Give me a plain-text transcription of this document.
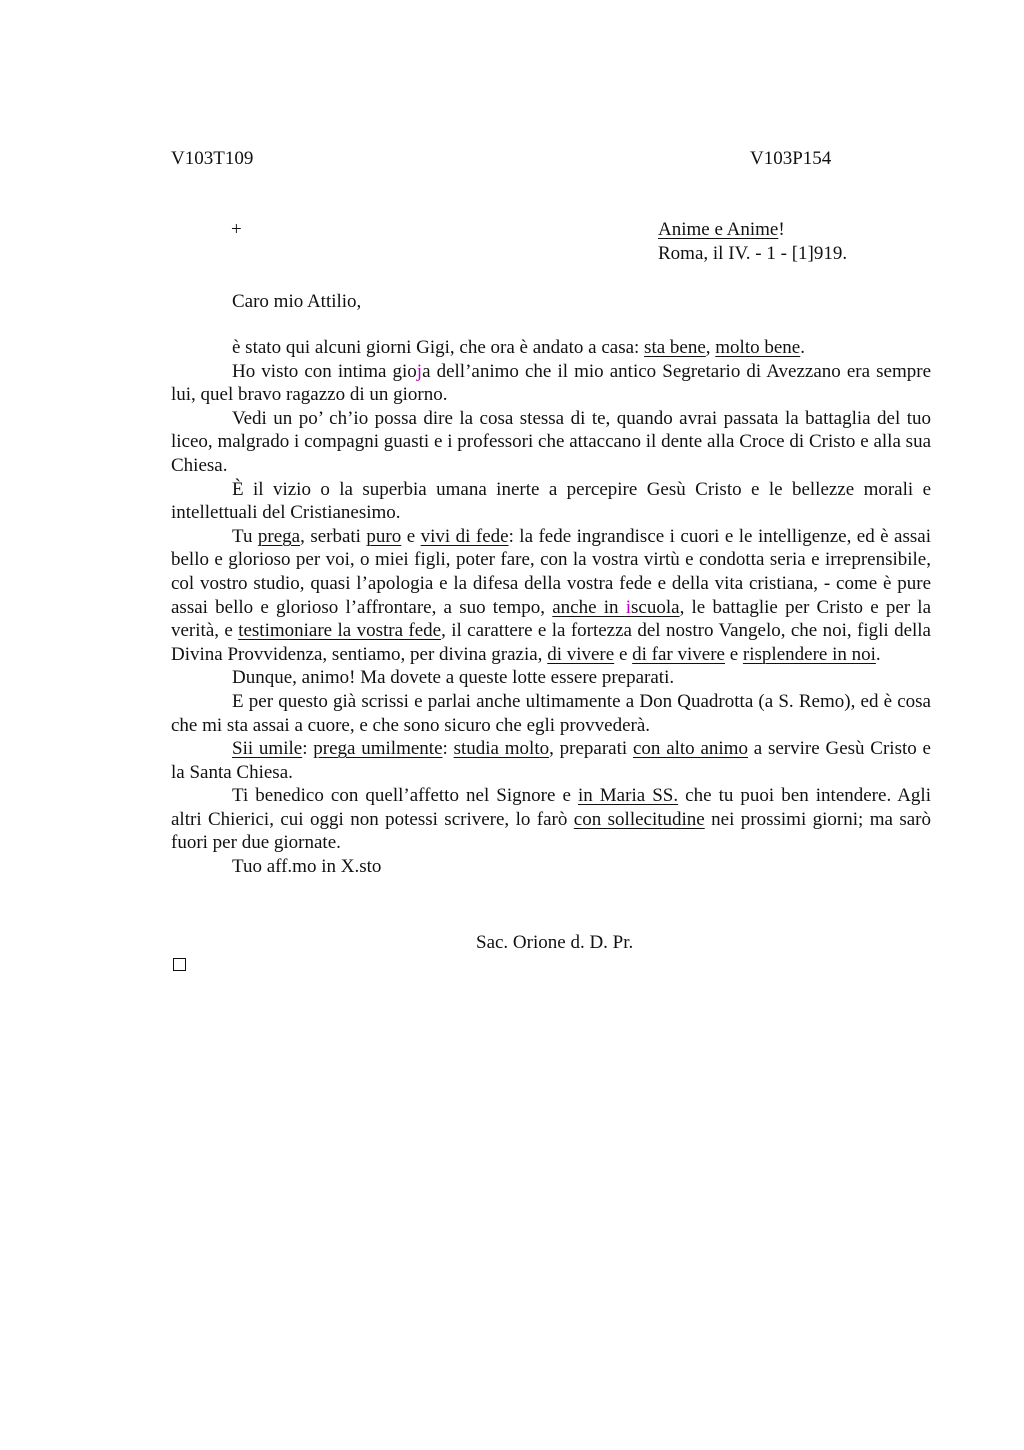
V103T109	V103P154
+	Anime e Anime!
Roma, il IV. - 1 - [1]919.
Caro mio Attilio,

è stato qui alcuni giorni Gigi, che ora è andato a casa: sta bene, molto bene.

Ho visto con intima gioja dell’animo che il mio antico Segretario di Avezzano era sempre lui, quel bravo ragazzo di un giorno.

Vedi un po’ ch’io possa dire la cosa stessa di te, quando avrai passata la battaglia del tuo liceo, malgrado i compagni guasti e i professori che attaccano il dente alla Croce di Cristo e alla sua Chiesa.

È il vizio o la superbia umana inerte a percepire Gesù Cristo e le bellezze morali e intellettuali del Cristianesimo.

Tu prega, serbati puro e vivi di fede: la fede ingrandisce i cuori e le intelligenze, ed è assai bello e glorioso per voi, o miei figli, poter fare, con la vostra virtù e condotta seria e irreprensibile, col vostro studio, quasi l’apologia e la difesa della vostra fede e della vita cristiana, - come è pure assai bello e glorioso l’affrontare, a suo tempo, anche in iscuola, le battaglie per Cristo e per la verità, e testimoniare la vostra fede, il carattere e la fortezza del nostro Vangelo, che noi, figli della Divina Provvidenza, sentiamo, per divina grazia, di vivere e di far vivere e risplendere in noi.

Dunque, animo! Ma dovete a queste lotte essere preparati.

E per questo già scrissi e parlai anche ultimamente a Don Quadrotta (a S. Remo), ed è cosa che mi sta assai a cuore, e che sono sicuro che egli provvederà.

Sii umile: prega umilmente: studia molto, preparati con alto animo a servire Gesù Cristo e la Santa Chiesa.

Ti benedico con quell’affetto nel Signore e in Maria SS. che tu puoi ben intendere. Agli altri Chierici, cui oggi non potessi scrivere, lo farò con sollecitudine nei prossimi giorni; ma sarò fuori per due giornate.

Tuo aff.mo in X.sto

Sac. Orione d. D. Pr.
